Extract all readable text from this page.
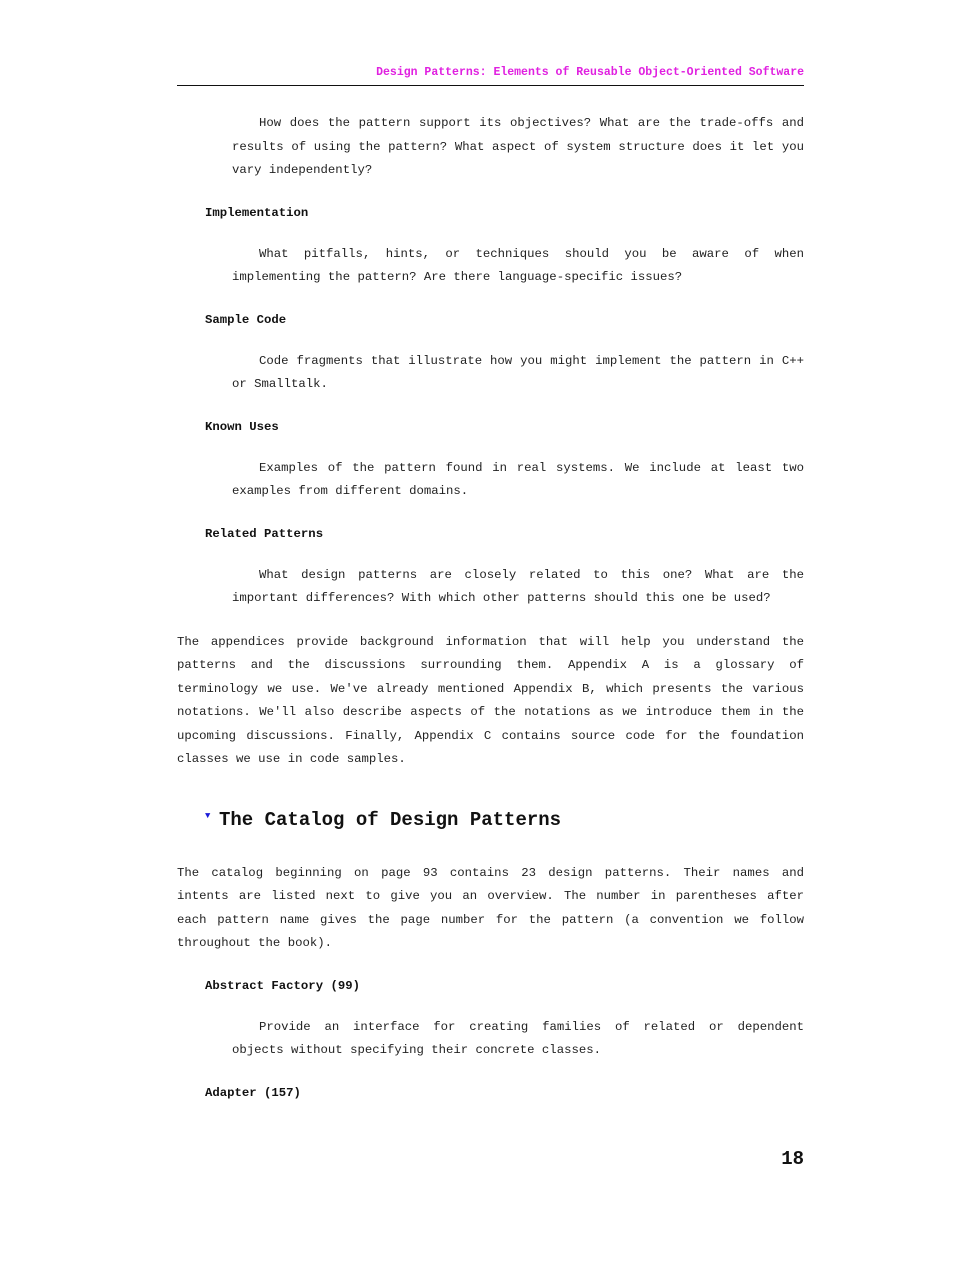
Design Patterns: Elements of Reusable Object-Oriented Software

How does the pattern support its objectives? What are the trade-offs and results of using the pattern? What aspect of system structure does it let you vary independently?

Implementation

What pitfalls, hints, or techniques should you be aware of when implementing the pattern? Are there language-specific issues?

Sample Code

Code fragments that illustrate how you might implement the pattern in C++ or Smalltalk.

Known Uses

Examples of the pattern found in real systems. We include at least two examples from different domains.

Related Patterns

What design patterns are closely related to this one? What are the important differences? With which other patterns should this one be used?

The appendices provide background information that will help you understand the patterns and the discussions surrounding them. Appendix A is a glossary of terminology we use. We've already mentioned Appendix B, which presents the various notations. We'll also describe aspects of the notations as we introduce them in the upcoming discussions. Finally, Appendix C contains source code for the foundation classes we use in code samples.

▼ The Catalog of Design Patterns

The catalog beginning on page 93 contains 23 design patterns. Their names and intents are listed next to give you an overview. The number in parentheses after each pattern name gives the page number for the pattern (a convention we follow throughout the book).

Abstract Factory (99)

Provide an interface for creating families of related or dependent objects without specifying their concrete classes.

Adapter (157)
18
